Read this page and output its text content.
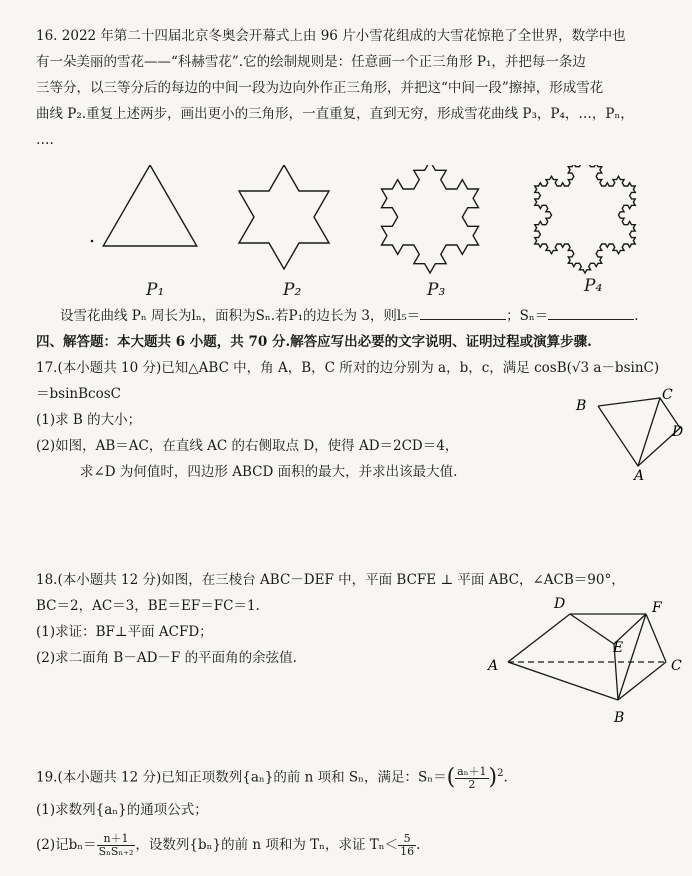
16. 2022 年第二十四届北京冬奥会开幕式上由 96 片小雪花组成的大雪花惊艳了全世界，数学中也
有一朵美丽的雪花——“科赫雪花”.它的绘制规则是：任意画一个正三角形 P₁，并把每一条边
三等分，以三等分后的每边的中间一段为边向外作正三角形，并把这“中间一段”擦掉，形成雪花
曲线 P₂.重复上述两步，画出更小的三角形，一直重复，直到无穷，形成雪花曲线 P₃，P₄，…，Pₙ，
….
P₁	P₂	P₃	P₄
设雪花曲线 Pₙ 周长为lₙ，面积为Sₙ.若P₁的边长为 3，则l₅＝	；Sₙ＝	.
四、解答题：本大题共 6 小题，共 70 分.解答应写出必要的文字说明、证明过程或演算步骤.
17.(本小题共 10 分)已知△ABC 中，角 A，B，C 所对的边分别为 a，b，c，满足 cosB(√3 a－bsinC)
＝bsinBcosC
(1)求 B 的大小；
(2)如图，AB＝AC，在直线 AC 的右侧取点 D，使得 AD＝2CD＝4，
求∠D 为何值时，四边形 ABCD 面积的最大，并求出该最大值.
B
C
D
A
18.(本小题共 12 分)如图，在三棱台 ABC－DEF 中，平面 BCFE ⊥ 平面 ABC，∠ACB＝90°，
BC＝2，AC＝3，BE＝EF＝FC＝1.
(1)求证：BF⊥平面 ACFD；
(2)求二面角 B－AD－F 的平面角的余弦值.
D	F
E
A	C
B
19.(本小题共 12 分)已知正项数列{aₙ}的前 n 项和 Sₙ，满足：$S_n=( \frac{\text{aₙ＋1}}{2} )^2$.
(1)求数列{aₙ}的通项公式；
(2)记$b_n= \frac{n+1}{\text{SₙSₙ₊₂}}$ ，设数列{bₙ}的前 n 项和为 Tₙ，求证 $T_n< \frac{5}{16}$ .
